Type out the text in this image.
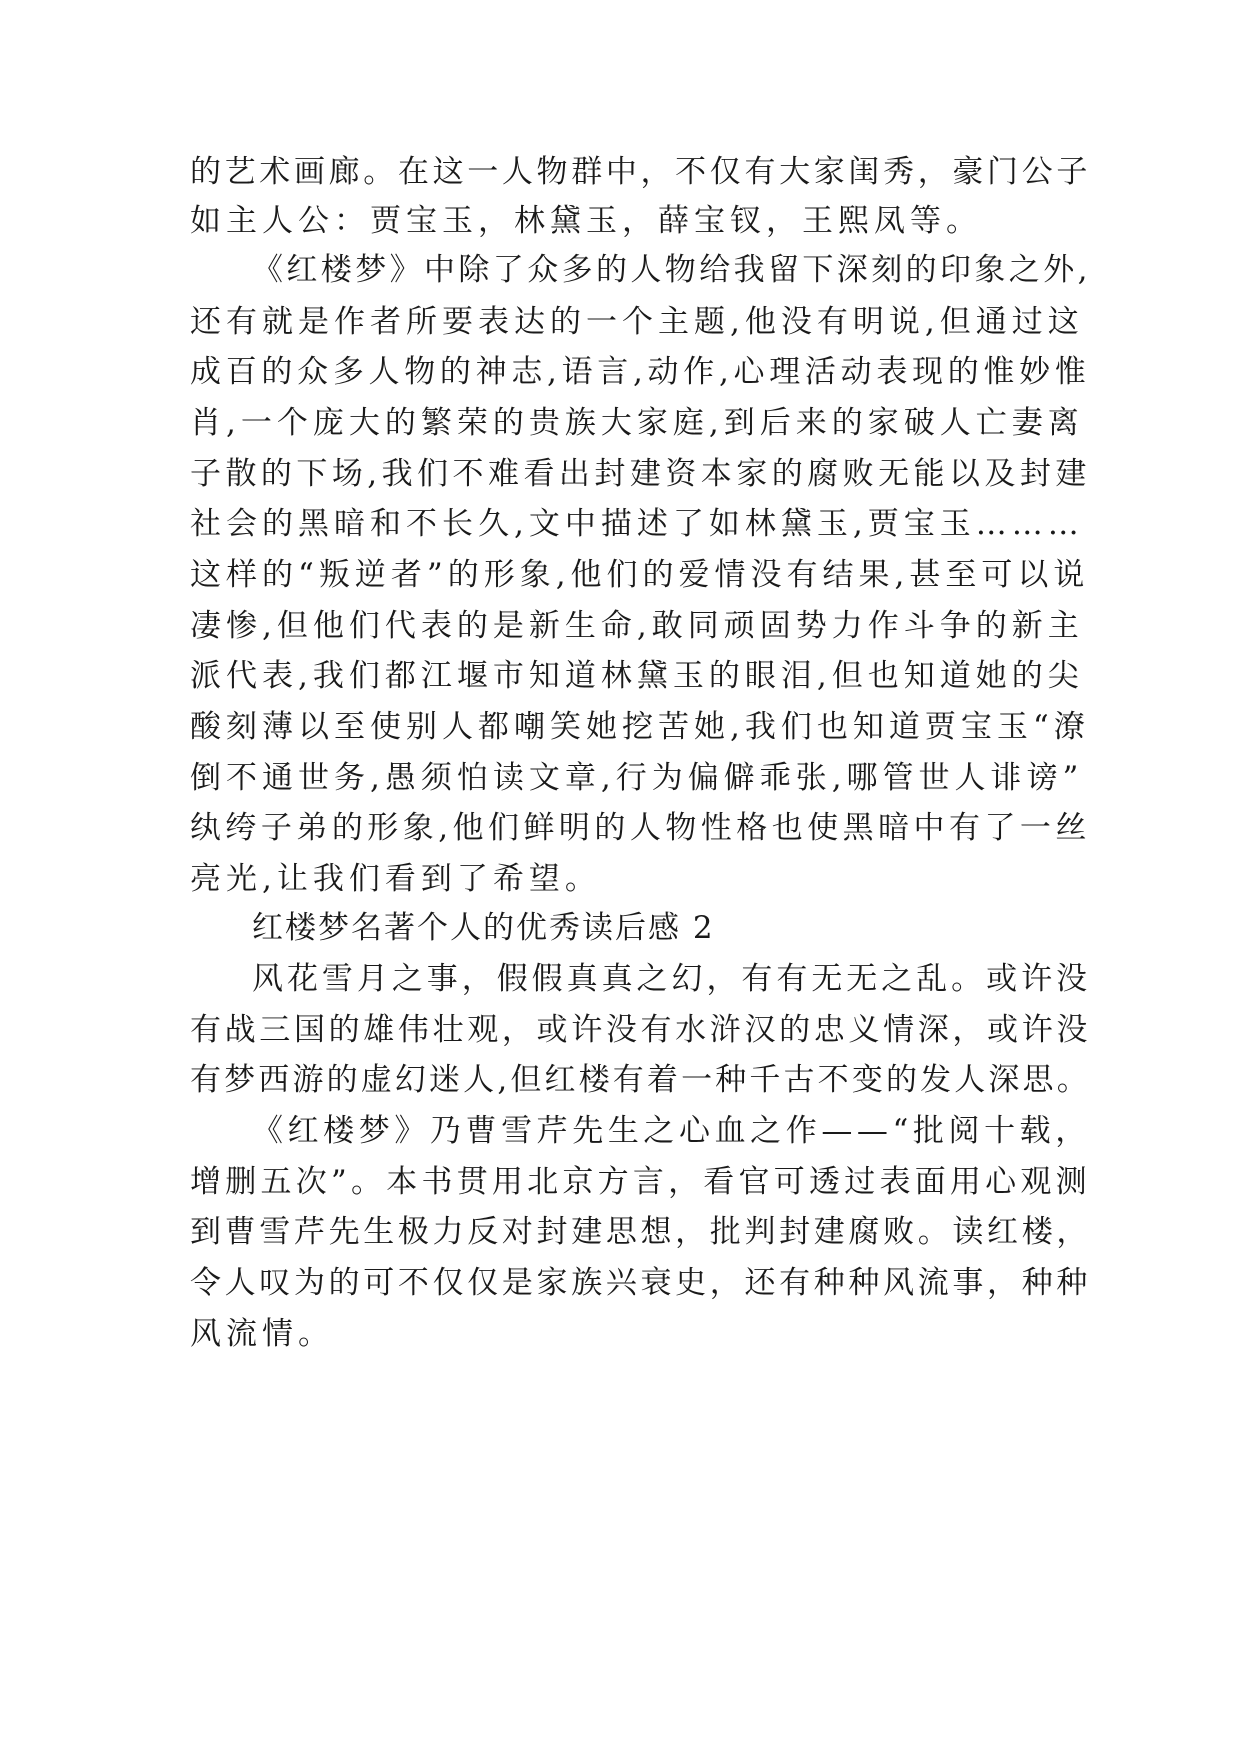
的艺术画廊。在这一人物群中，不仅有大家闺秀，豪门公子
如主人公：贾宝玉，林黛玉，薛宝钗，王熙凤等。
《红楼梦》中除了众多的人物给我留下深刻的印象之外,
还有就是作者所要表达的一个主题,他没有明说,但通过这
成百的众多人物的神志,语言,动作,心理活动表现的惟妙惟
肖,一个庞大的繁荣的贵族大家庭,到后来的家破人亡妻离
子散的下场,我们不难看出封建资本家的腐败无能以及封建
社会的黑暗和不长久,文中描述了如林黛玉,贾宝玉………
这样的“叛逆者”的形象,他们的爱情没有结果,甚至可以说
凄惨,但他们代表的是新生命,敢同顽固势力作斗争的新主
派代表,我们都江堰市知道林黛玉的眼泪,但也知道她的尖
酸刻薄以至使别人都嘲笑她挖苦她,我们也知道贾宝玉“潦
倒不通世务,愚须怕读文章,行为偏僻乖张,哪管世人诽谤”
纨绔子弟的形象,他们鲜明的人物性格也使黑暗中有了一丝
亮光,让我们看到了希望。
红楼梦名著个人的优秀读后感 2
风花雪月之事，假假真真之幻，有有无无之乱。或许没
有战三国的雄伟壮观，或许没有水浒汉的忠义情深，或许没
有梦西游的虚幻迷人,但红楼有着一种千古不变的发人深思。
《红楼梦》乃曹雪芹先生之心血之作——“批阅十载，
增删五次”。本书贯用北京方言，看官可透过表面用心观测
到曹雪芹先生极力反对封建思想，批判封建腐败。读红楼，
令人叹为的可不仅仅是家族兴衰史，还有种种风流事，种种
风流情。
